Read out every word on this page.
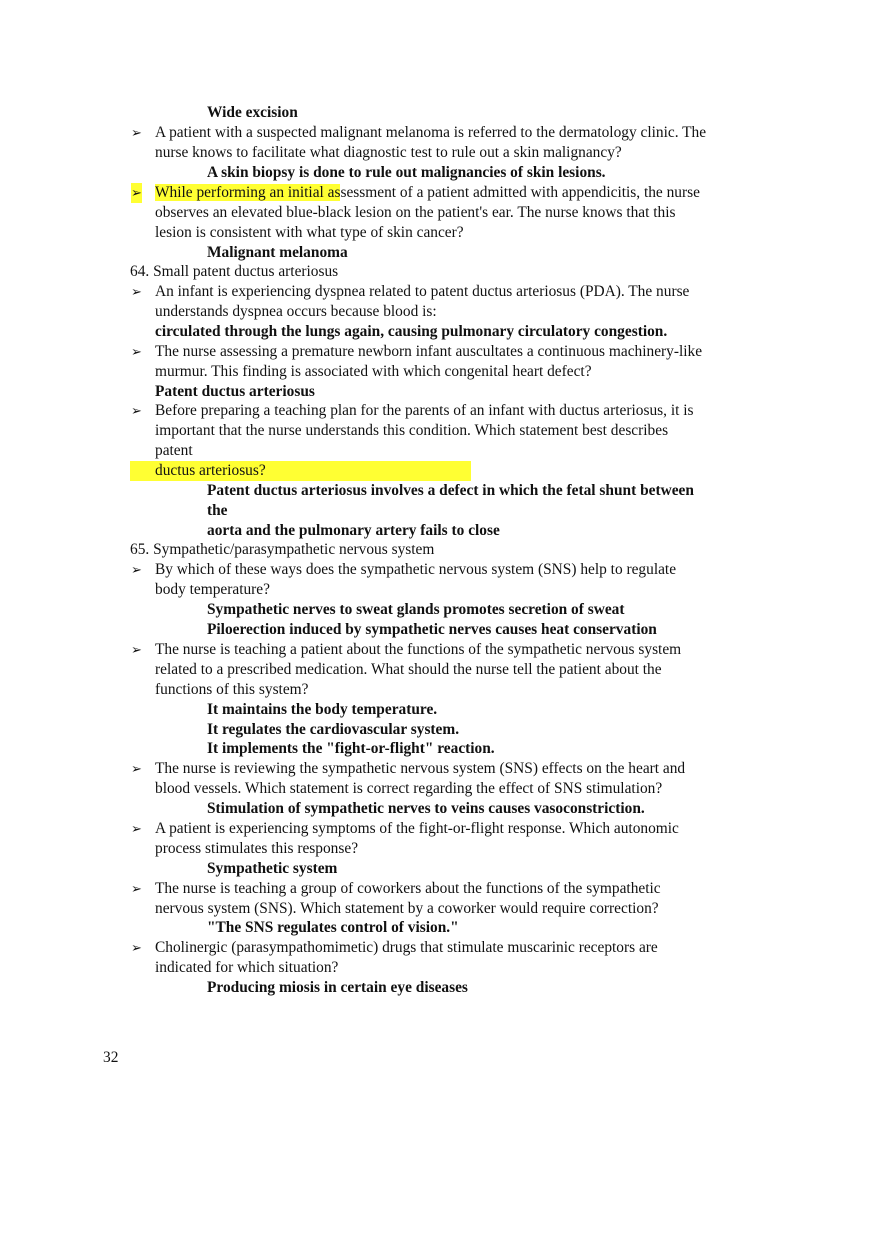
Wide excision
➢ A patient with a suspected malignant melanoma is referred to the dermatology clinic. The
nurse knows to facilitate what diagnostic test to rule out a skin malignancy?
A skin biopsy is done to rule out malignancies of skin lesions.
➢ While performing an initial assessment of a patient admitted with appendicitis, the nurse
observes an elevated blue-black lesion on the patient's ear. The nurse knows that this
lesion is consistent with what type of skin cancer?
Malignant melanoma
64. Small patent ductus arteriosus
➢ An infant is experiencing dyspnea related to patent ductus arteriosus (PDA). The nurse
understands dyspnea occurs because blood is:
circulated through the lungs again, causing pulmonary circulatory congestion.
➢ The nurse assessing a premature newborn infant auscultates a continuous machinery-like
murmur. This finding is associated with which congenital heart defect?
Patent ductus arteriosus
➢ Before preparing a teaching plan for the parents of an infant with ductus arteriosus, it is
important that the nurse understands this condition. Which statement best describes
patent
ductus arteriosus?
Patent ductus arteriosus involves a defect in which the fetal shunt between
the
aorta and the pulmonary artery fails to close
65. Sympathetic/parasympathetic nervous system
➢ By which of these ways does the sympathetic nervous system (SNS) help to regulate
body temperature?
Sympathetic nerves to sweat glands promotes secretion of sweat
Piloerection induced by sympathetic nerves causes heat conservation
➢ The nurse is teaching a patient about the functions of the sympathetic nervous system
related to a prescribed medication. What should the nurse tell the patient about the
functions of this system?
It maintains the body temperature.
It regulates the cardiovascular system.
It implements the "fight-or-flight" reaction.
➢ The nurse is reviewing the sympathetic nervous system (SNS) effects on the heart and
blood vessels. Which statement is correct regarding the effect of SNS stimulation?
Stimulation of sympathetic nerves to veins causes vasoconstriction.
➢ A patient is experiencing symptoms of the fight-or-flight response. Which autonomic
process stimulates this response?
Sympathetic system
➢ The nurse is teaching a group of coworkers about the functions of the sympathetic
nervous system (SNS). Which statement by a coworker would require correction?
"The SNS regulates control of vision."
➢ Cholinergic (parasympathomimetic) drugs that stimulate muscarinic receptors are
indicated for which situation?
Producing miosis in certain eye diseases
32
